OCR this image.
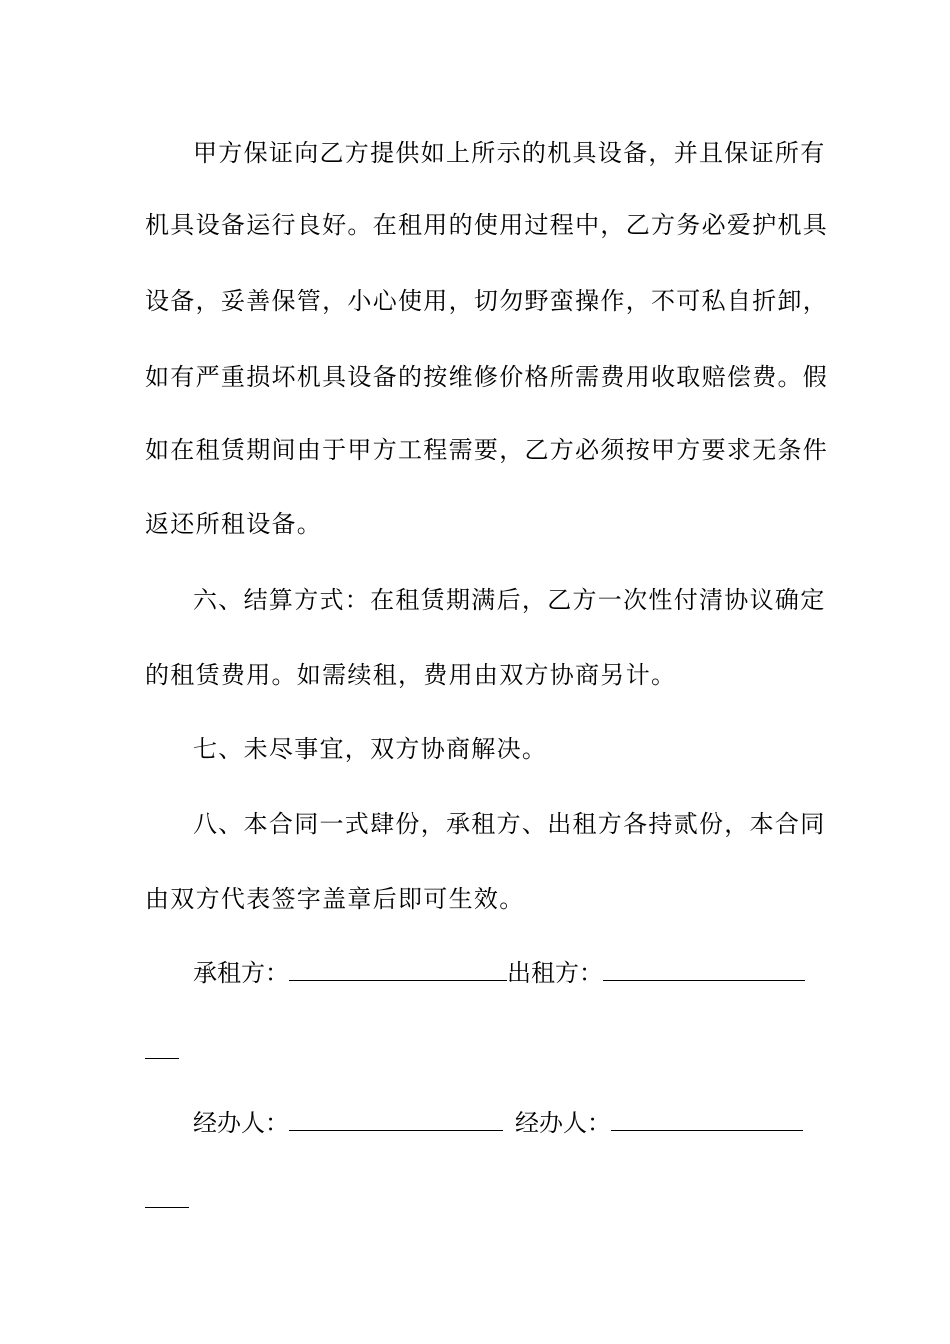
甲方保证向乙方提供如上所示的机具设备，并且保证所有
机具设备运行良好。在租用的使用过程中，乙方务必爱护机具
设备，妥善保管，小心使用，切勿野蛮操作，不可私自折卸，
如有严重损坏机具设备的按维修价格所需费用收取赔偿费。假
如在租赁期间由于甲方工程需要，乙方必须按甲方要求无条件
返还所租设备。
六、结算方式：在租赁期满后，乙方一次性付清协议确定
的租赁费用。如需续租，费用由双方协商另计。
七、未尽事宜，双方协商解决。
八、本合同一式肆份，承租方、出租方各持贰份，本合同
由双方代表签字盖章后即可生效。
承租方：	出租方：
经办人：	经办人：
